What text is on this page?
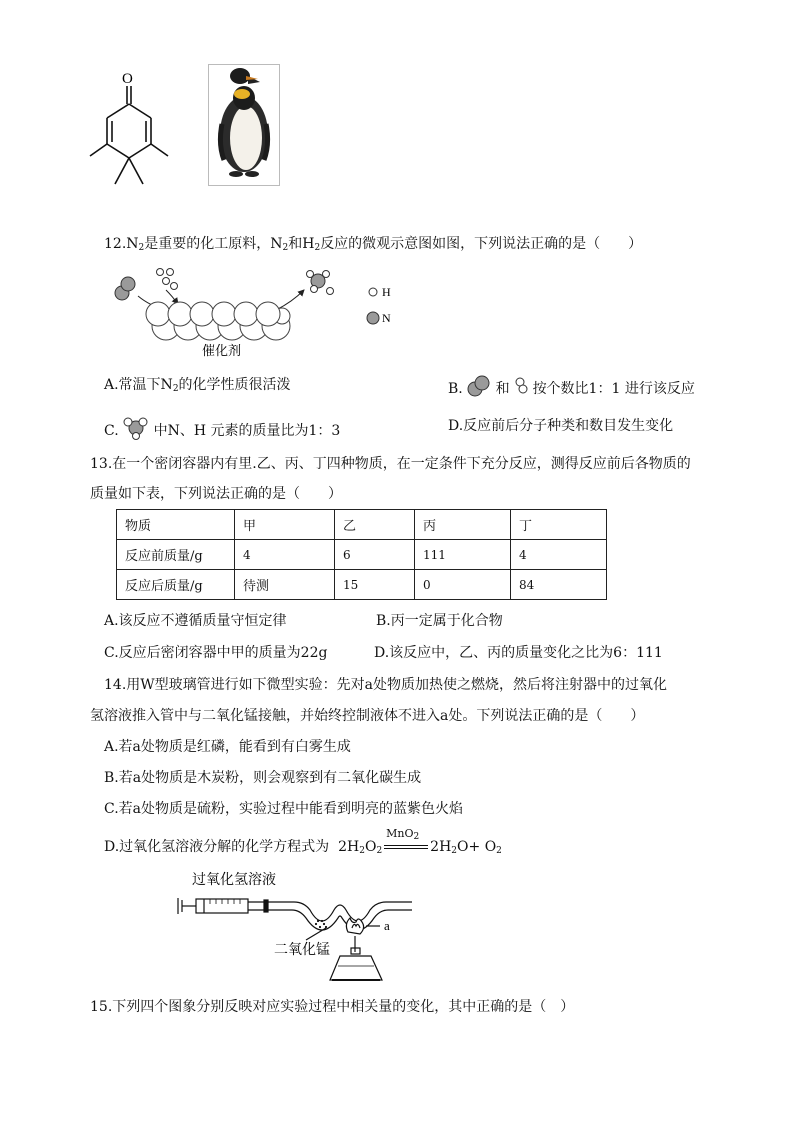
O
$12.N_2$是重要的化工原料，$N_2$和$H_2$反应的微观示意图如图，下列说法正确的是（　　）
催化剂
H
N
A.常温下$N_2$的化学性质很活泼	B. 和 按个数比1：1 进行该反应
C. 中N、H 元素的质量比为1：3	D.反应前后分子种类和数目发生变化
13.在一个密闭容器内有里.乙、丙、丁四种物质，在一定条件下充分反应，测得反应前后各物质的
质量如下表，下列说法正确的是（　　）
物质	甲	乙	丙	丁
反应前质量/g	4	6	111	4
反应后质量/g	待测	15	0	84
A.该反应不遵循质量守恒定律	B.丙一定属于化合物
C.反应后密闭容器中甲的质量为22g	D.该反应中，乙、丙的质量变化之比为6：111
14.用W型玻璃管进行如下微型实验：先对a处物质加热使之燃烧，然后将注射器中的过氧化
氢溶液推入管中与二氧化锰接触，并始终控制液体不进入a处。下列说法正确的是（　　）
A.若a处物质是红磷，能看到有白雾生成
B.若a处物质是木炭粉，则会观察到有二氧化碳生成
C.若a处物质是硫粉，实验过程中能看到明亮的蓝紫色火焰
D.过氧化氢溶液分解的化学方程式为 $2H_2O_2$
MnO$_2$
$2H_2O+ O_2$
过氧化氢溶液
a
二氧化锰
15.下列四个图象分别反映对应实验过程中相关量的变化，其中正确的是（　）
